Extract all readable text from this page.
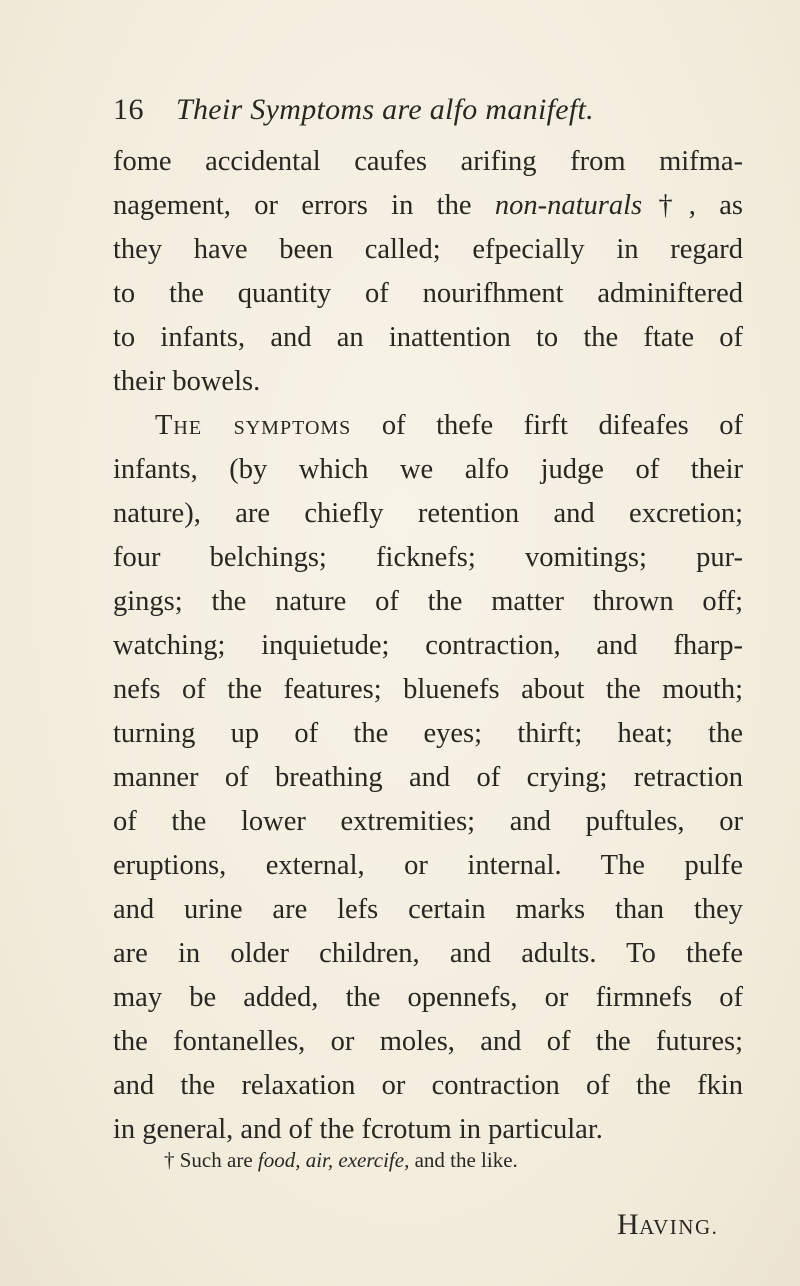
16 Their Symptoms are alfo manifeft.
fome accidental caufes arifing from mifma-
nagement, or errors in the non-naturals†, as
they have been called; efpecially in regard
to the quantity of nourifhment adminiftered
to infants, and an inattention to the ftate of
their bowels.
The symptoms of thefe firft difeafes of
infants, (by which we alfo judge of their
nature), are chiefly retention and excretion;
four belchings; ficknefs; vomitings; pur-
gings; the nature of the matter thrown off;
watching; inquietude; contraction, and fharp-
nefs of the features; bluenefs about the mouth;
turning up of the eyes; thirft; heat; the
manner of breathing and of crying; retraction
of the lower extremities; and puftules, or
eruptions, external, or internal. The pulfe
and urine are lefs certain marks than they
are in older children, and adults. To thefe
may be added, the opennefs, or firmnefs of
the fontanelles, or moles, and of the futures;
and the relaxation or contraction of the fkin
in general, and of the fcrotum in particular.
† Such are food, air, exercife, and the like.
HAVING.
